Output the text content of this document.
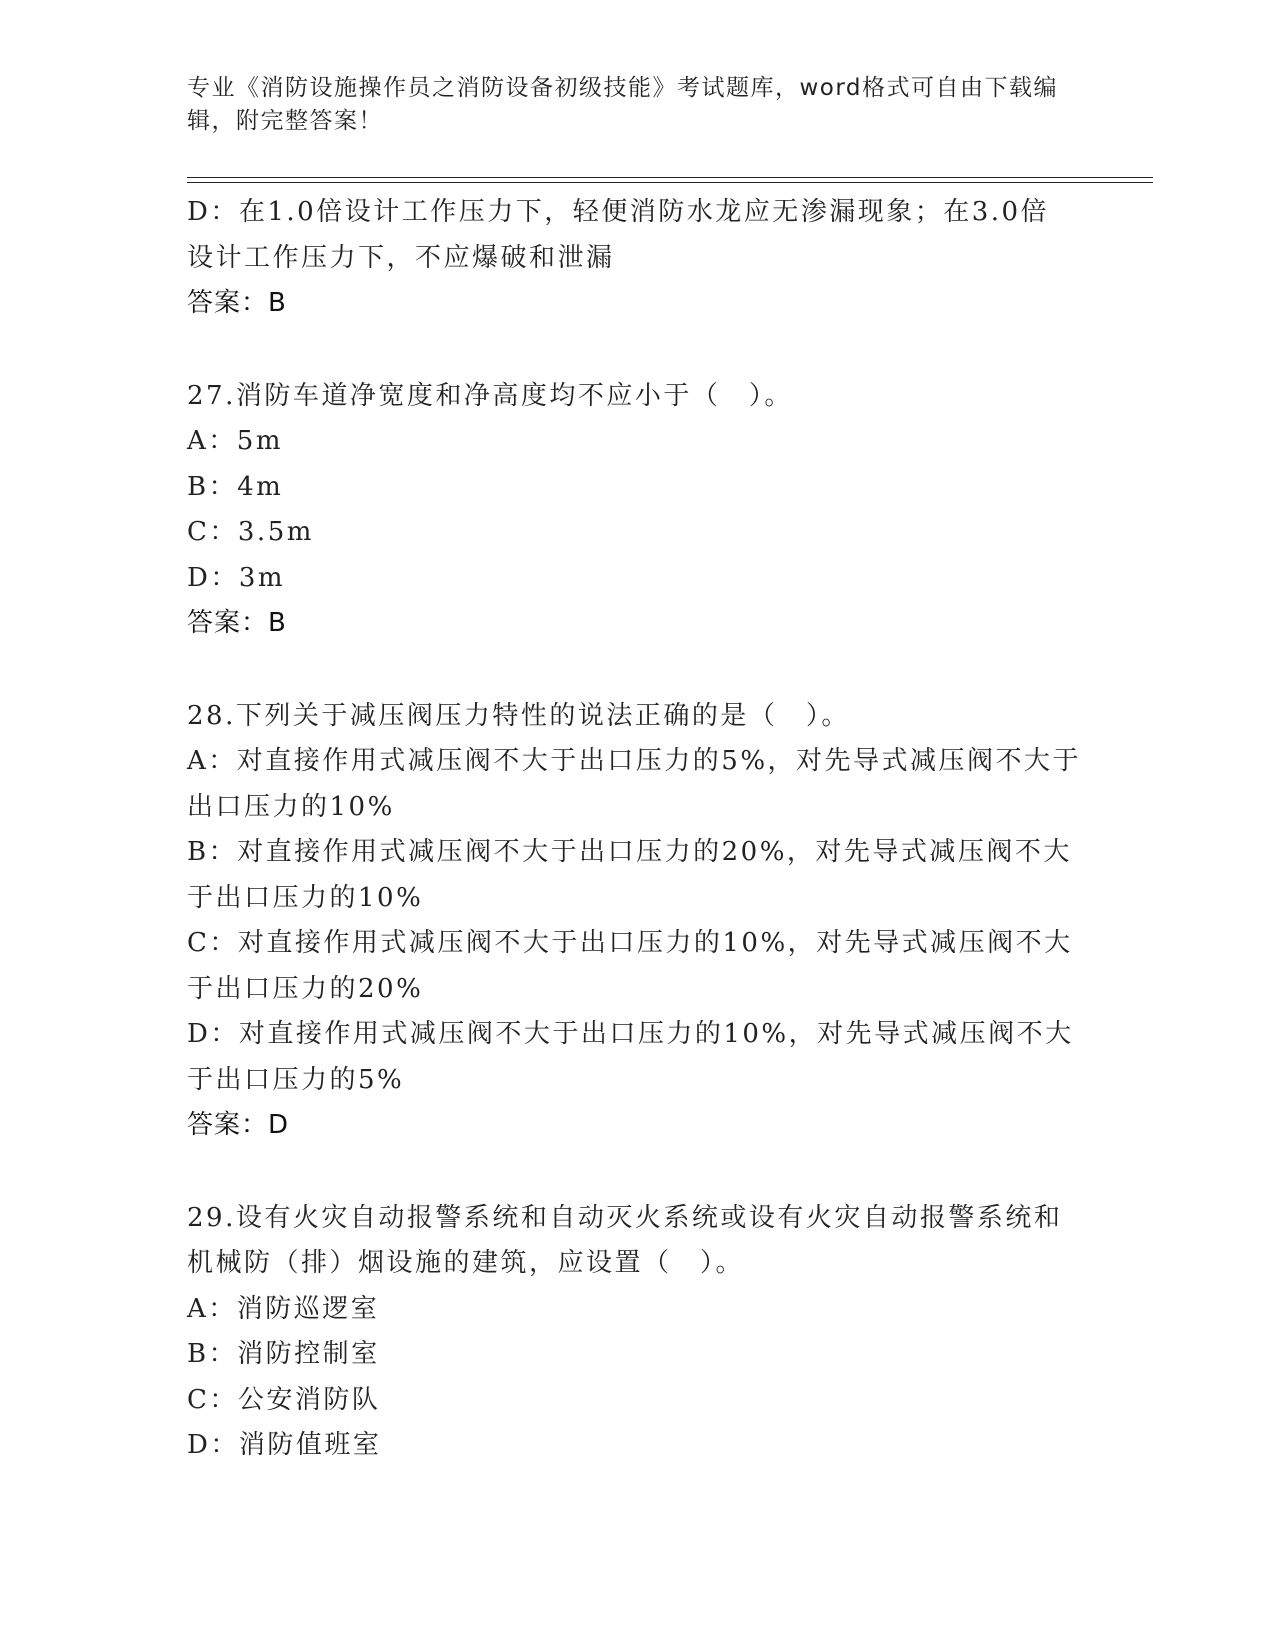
专业《消防设施操作员之消防设备初级技能》考试题库，word格式可自由下载编辑，附完整答案！
D：在1.0倍设计工作压力下，轻便消防水龙应无渗漏现象；在3.0倍
设计工作压力下，不应爆破和泄漏
答案：B
27.消防车道净宽度和净高度均不应小于（　）。
A：5m
B：4m
C：3.5m
D：3m
答案：B
28.下列关于减压阀压力特性的说法正确的是（　）。
A：对直接作用式减压阀不大于出口压力的5%，对先导式减压阀不大于
出口压力的10%
B：对直接作用式减压阀不大于出口压力的20%，对先导式减压阀不大
于出口压力的10%
C：对直接作用式减压阀不大于出口压力的10%，对先导式减压阀不大
于出口压力的20%
D：对直接作用式减压阀不大于出口压力的10%，对先导式减压阀不大
于出口压力的5%
答案：D
29.设有火灾自动报警系统和自动灭火系统或设有火灾自动报警系统和
机械防（排）烟设施的建筑，应设置（　）。
A：消防巡逻室
B：消防控制室
C：公安消防队
D：消防值班室
